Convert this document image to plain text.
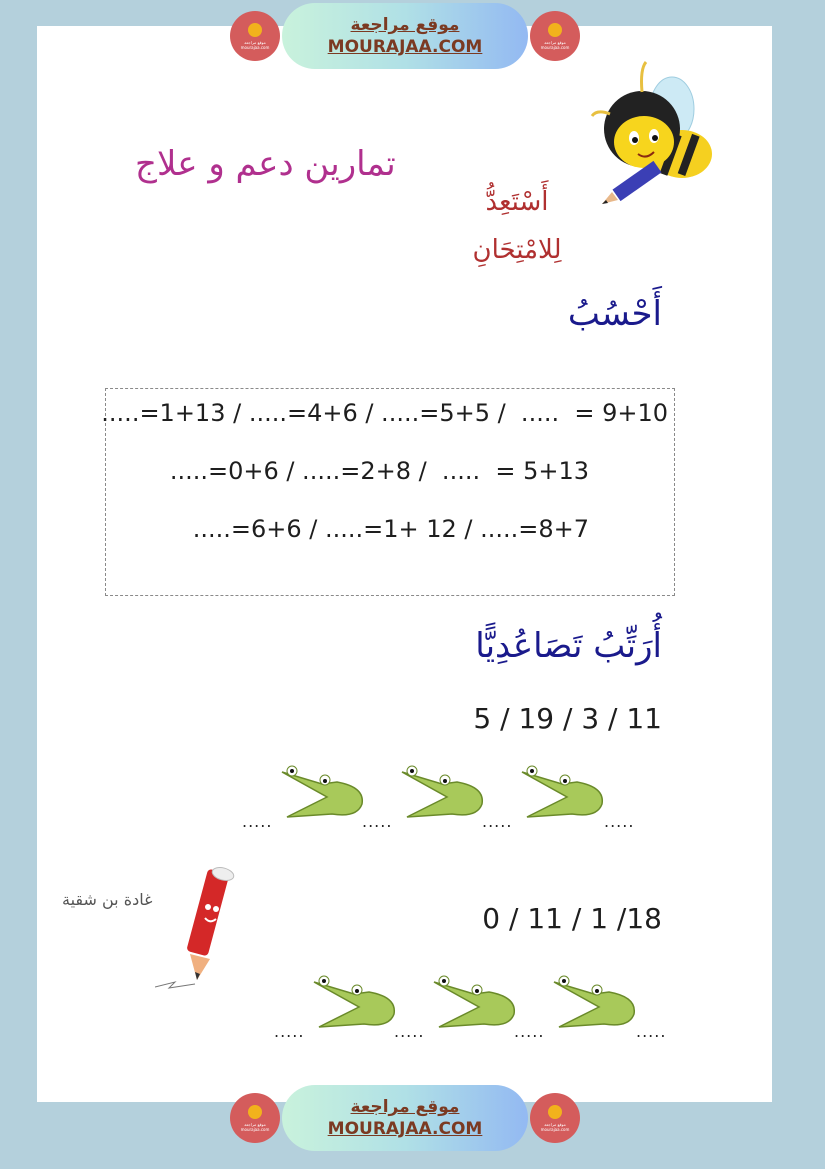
موقع مراجعة
mourajaa.com
موقع مراجعة
MOURAJAA.COM	موقع مراجعة
mourajaa.com
تمارين دعم و علاج
أَسْتَعِدُّ
لِلامْتِحَانِ
أَحْسُبُ
.....=1+13 / .....=4+6 / .....=5+5 /  .....  = 9+10
.....=0+6 / .....=2+8 /  .....  = 5+13
.....=6+6 / .....=1+ 12 / .....=8+7
أُرَتِّبُ تَصَاعُدِيًّا
5 / 19 / 3 / 11
.....	.....	.....	.....
غادة بن شقية
0 / 11 / 1 /18
.....	.....	.....	.....
موقع مراجعة
mourajaa.com
موقع مراجعة
MOURAJAA.COM	موقع مراجعة
mourajaa.com
